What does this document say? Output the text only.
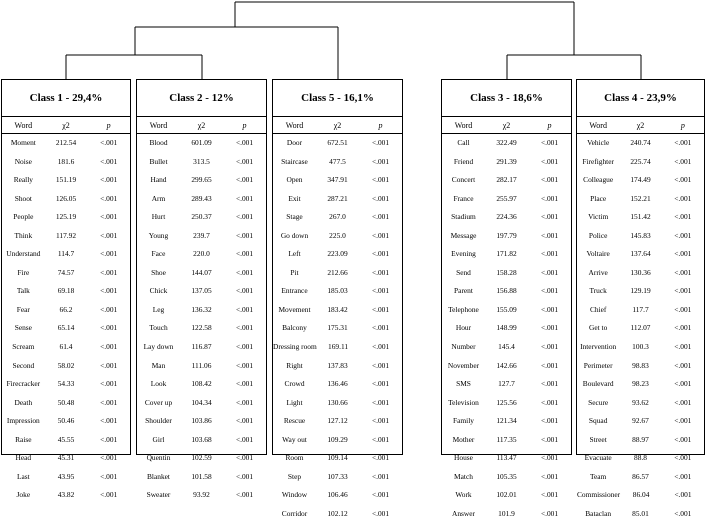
Class 1 - 29,4%
Word	χ2	p
Moment	212.54	<.001
Noise	181.6	<.001
Really	151.19	<.001
Shoot	126.05	<.001
People	125.19	<.001
Think	117.92	<.001
Understand	114.7	<.001
Fire	74.57	<.001
Talk	69.18	<.001
Fear	66.2	<.001
Sense	65.14	<.001
Scream	61.4	<.001
Second	58.02	<.001
Firecracker	54.33	<.001
Death	50.48	<.001
Impression	50.46	<.001
Raise	45.55	<.001
Head	45.31	<.001
Last	43.95	<.001
Joke	43.82	<.001
Class 2 - 12%
Word	χ2	p
Blood	601.09	<.001
Bullet	313.5	<.001
Hand	299.65	<.001
Arm	289.43	<.001
Hurt	250.37	<.001
Young	239.7	<.001
Face	220.0	<.001
Shoe	144.07	<.001
Chick	137.05	<.001
Leg	136.32	<.001
Touch	122.58	<.001
Lay down	116.87	<.001
Man	111.06	<.001
Look	108.42	<.001
Cover up	104.34	<.001
Shoulder	103.86	<.001
Girl	103.68	<.001
Quentin	102.59	<.001
Blanket	101.58	<.001
Sweater	93.92	<.001
Class 5 - 16,1%
Word	χ2	p
Door	672.51	<.001
Staircase	477.5	<.001
Open	347.91	<.001
Exit	287.21	<.001
Stage	267.0	<.001
Go down	225.0	<.001
Left	223.09	<.001
Pit	212.66	<.001
Entrance	185.03	<.001
Movement	183.42	<.001
Balcony	175.31	<.001
Dressing room	169.11	<.001
Right	137.83	<.001
Crowd	136.46	<.001
Light	130.66	<.001
Rescue	127.12	<.001
Way out	109.29	<.001
Room	109.14	<.001
Step	107.33	<.001
Window	106.46	<.001
Corridor	102.12	<.001
Class 3 - 18,6%
Word	χ2	p
Call	322.49	<.001
Friend	291.39	<.001
Concert	282.17	<.001
France	255.97	<.001
Stadium	224.36	<.001
Message	197.79	<.001
Evening	171.82	<.001
Send	158.28	<.001
Parent	156.88	<.001
Telephone	155.09	<.001
Hour	148.99	<.001
Number	145.4	<.001
November	142.66	<.001
SMS	127.7	<.001
Television	125.56	<.001
Family	121.34	<.001
Mother	117.35	<.001
House	113.47	<.001
Match	105.35	<.001
Work	102.01	<.001
Answer	101.9	<.001
Class 4 - 23,9%
Word	χ2	p
Vehicle	240.74	<.001
Firefighter	225.74	<.001
Colleague	174.49	<.001
Place	152.21	<.001
Victim	151.42	<.001
Police	145.83	<.001
Voltaire	137.64	<.001
Arrive	130.36	<.001
Truck	129.19	<.001
Chief	117.7	<.001
Get to	112.07	<.001
Intervention	100.3	<.001
Perimeter	98.83	<.001
Boulevard	98.23	<.001
Secure	93.62	<.001
Squad	92.67	<.001
Street	88.97	<.001
Evacuate	88.8	<.001
Team	86.57	<.001
Commissioner	86.04	<.001
Bataclan	85.01	<.001
